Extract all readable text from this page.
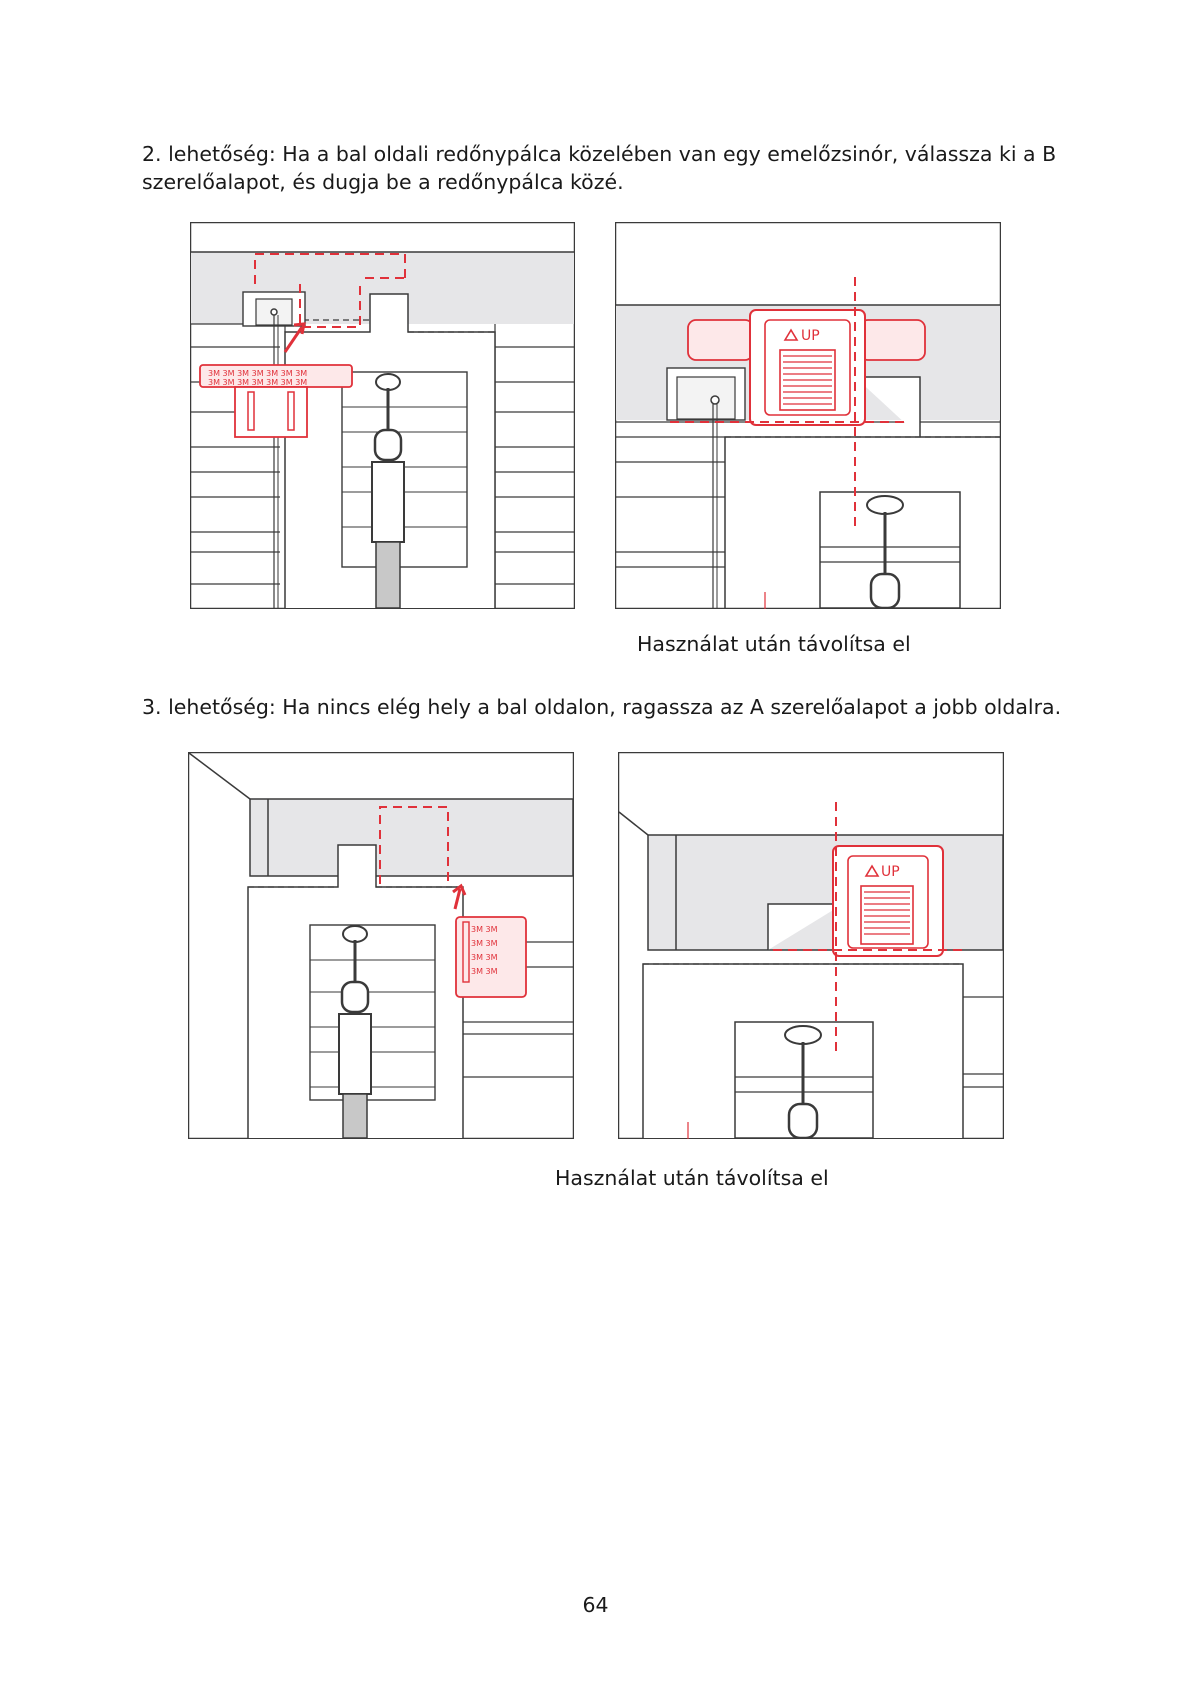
2. lehetőség: Ha a bal oldali redőnypálca közelében van egy emelőzsinór, válassza ki a B szerelőalapot, és dugja be a redőnypálca közé.

3M 3M 3M 3M 3M 3M 3M
3M 3M 3M 3M 3M 3M 3M
UP
Használat után távolítsa el

3. lehetőség: Ha nincs elég hely a bal oldalon, ragassza az A szerelőalapot a jobb oldalra.

3M 3M
3M 3M
3M 3M
3M 3M
UP
Használat után távolítsa el
64
